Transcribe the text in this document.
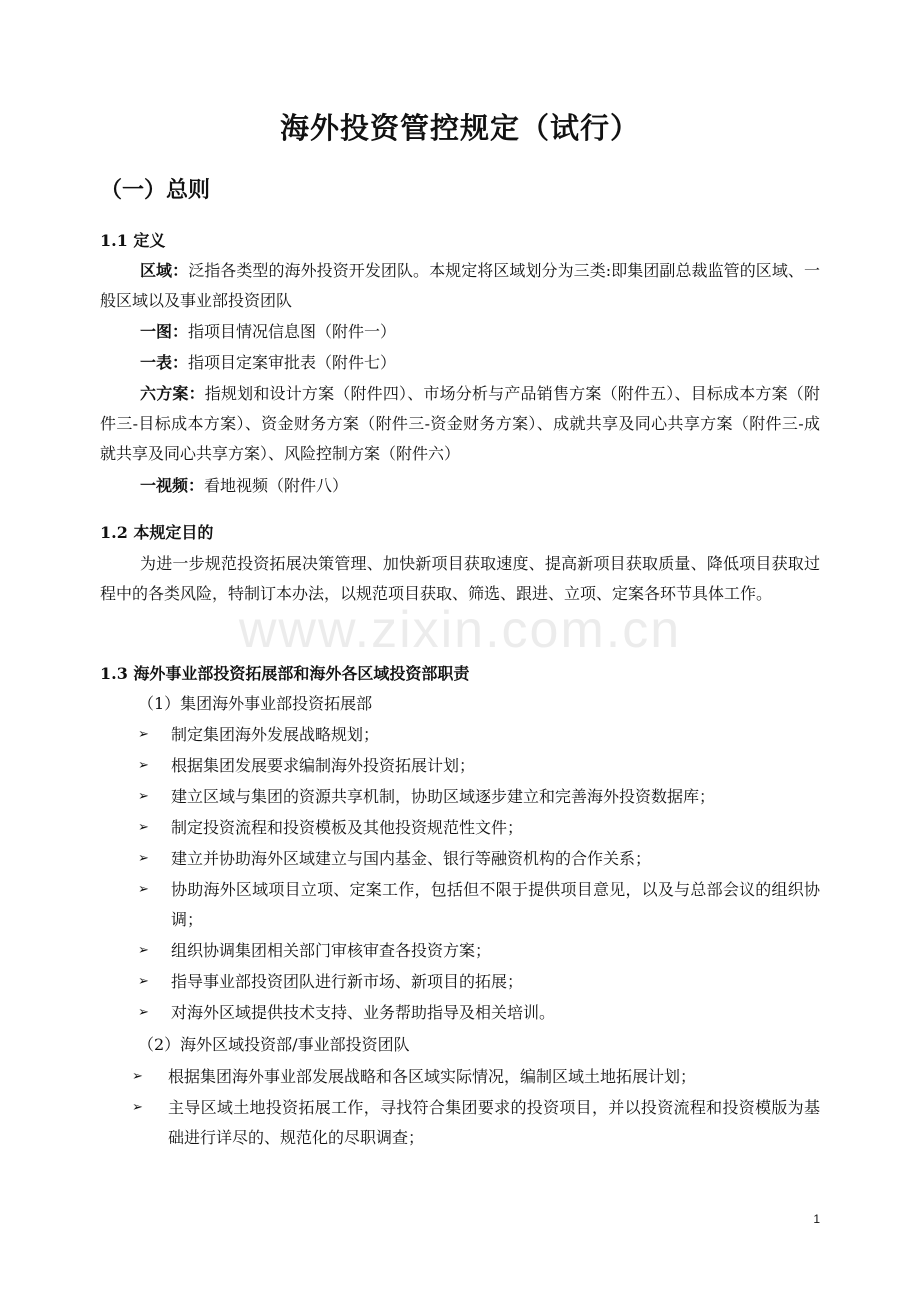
www.zixin.com.cn
海外投资管控规定（试行）
（一）总则
1.1 定义

区域：泛指各类型的海外投资开发团队。本规定将区域划分为三类:即集团副总裁监管的区域、一般区域以及事业部投资团队

一图：指项目情况信息图（附件一）

一表：指项目定案审批表（附件七）

六方案：指规划和设计方案（附件四）、市场分析与产品销售方案（附件五）、目标成本方案（附件三-目标成本方案）、资金财务方案（附件三-资金财务方案）、成就共享及同心共享方案（附件三-成就共享及同心共享方案）、风险控制方案（附件六）

一视频：看地视频（附件八）

1.2 本规定目的

为进一步规范投资拓展决策管理、加快新项目获取速度、提高新项目获取质量、降低项目获取过程中的各类风险，特制订本办法，以规范项目获取、筛选、跟进、立项、定案各环节具体工作。

1.3 海外事业部投资拓展部和海外各区域投资部职责
（1）集团海外事业部投资拓展部
➢ 制定集团海外发展战略规划；
➢ 根据集团发展要求编制海外投资拓展计划；
➢ 建立区域与集团的资源共享机制，协助区域逐步建立和完善海外投资数据库；
➢ 制定投资流程和投资模板及其他投资规范性文件；
➢ 建立并协助海外区域建立与国内基金、银行等融资机构的合作关系；
➢ 协助海外区域项目立项、定案工作，包括但不限于提供项目意见，以及与总部会议的组织协调；
➢ 组织协调集团相关部门审核审查各投资方案；
➢ 指导事业部投资团队进行新市场、新项目的拓展；
➢ 对海外区域提供技术支持、业务帮助指导及相关培训。
（2）海外区域投资部/事业部投资团队
➢ 根据集团海外事业部发展战略和各区域实际情况，编制区域土地拓展计划；
➢ 主导区域土地投资拓展工作，寻找符合集团要求的投资项目，并以投资流程和投资模版为基础进行详尽的、规范化的尽职调查；
1
